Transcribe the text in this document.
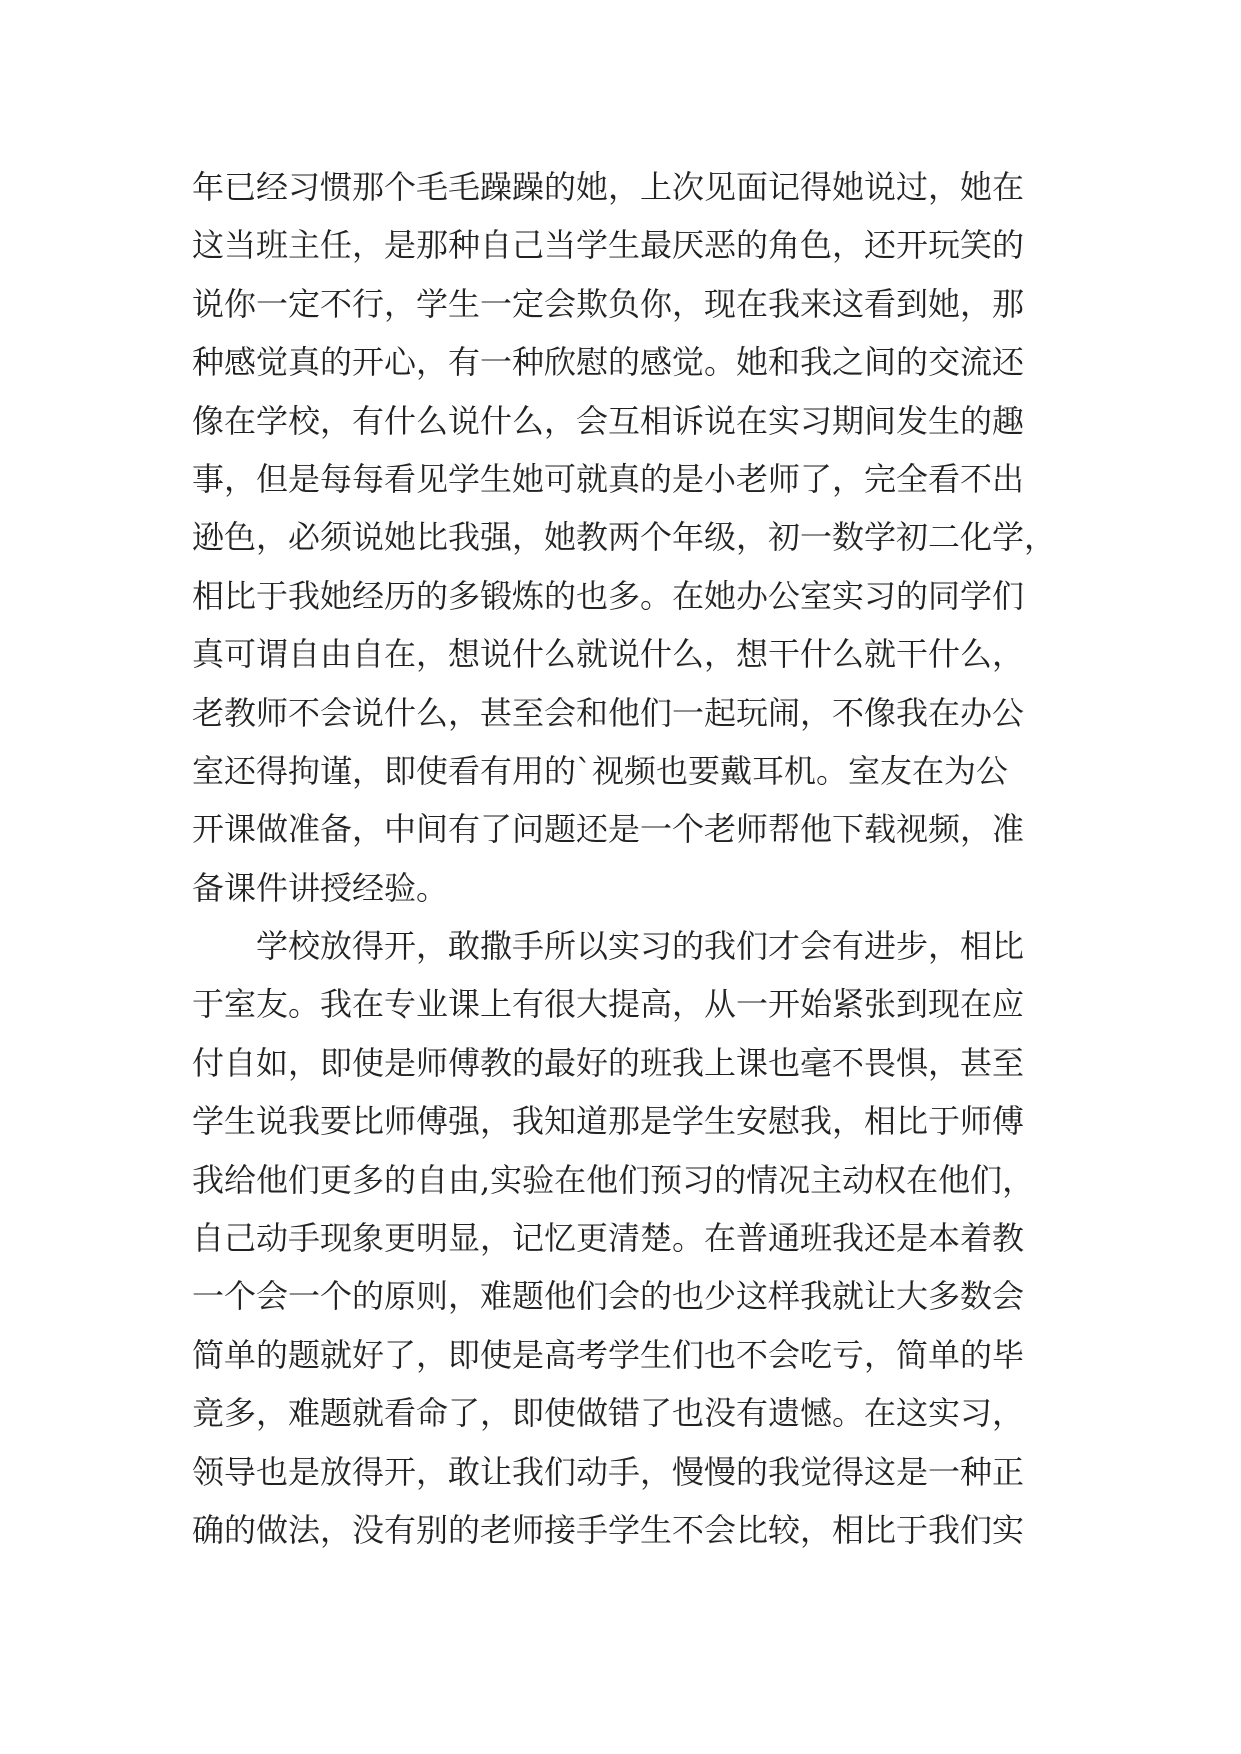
年已经习惯那个毛毛躁躁的她，上次见面记得她说过，她在
这当班主任，是那种自己当学生最厌恶的角色，还开玩笑的
说你一定不行，学生一定会欺负你，现在我来这看到她，那
种感觉真的开心，有一种欣慰的感觉。她和我之间的交流还
像在学校，有什么说什么，会互相诉说在实习期间发生的趣
事，但是每每看见学生她可就真的是小老师了，完全看不出
逊色，必须说她比我强，她教两个年级，初一数学初二化学，
相比于我她经历的多锻炼的也多。在她办公室实习的同学们
真可谓自由自在，想说什么就说什么，想干什么就干什么，
老教师不会说什么，甚至会和他们一起玩闹，不像我在办公
室还得拘谨，即使看有用的`视频也要戴耳机。室友在为公
开课做准备，中间有了问题还是一个老师帮他下载视频，准
备课件讲授经验。
　　学校放得开，敢撒手所以实习的我们才会有进步，相比
于室友。我在专业课上有很大提高，从一开始紧张到现在应
付自如，即使是师傅教的最好的班我上课也毫不畏惧，甚至
学生说我要比师傅强，我知道那是学生安慰我，相比于师傅
我给他们更多的自由,实验在他们预习的情况主动权在他们，
自己动手现象更明显，记忆更清楚。在普通班我还是本着教
一个会一个的原则，难题他们会的也少这样我就让大多数会
简单的题就好了，即使是高考学生们也不会吃亏，简单的毕
竟多，难题就看命了，即使做错了也没有遗憾。在这实习，
领导也是放得开，敢让我们动手，慢慢的我觉得这是一种正
确的做法，没有别的老师接手学生不会比较，相比于我们实
